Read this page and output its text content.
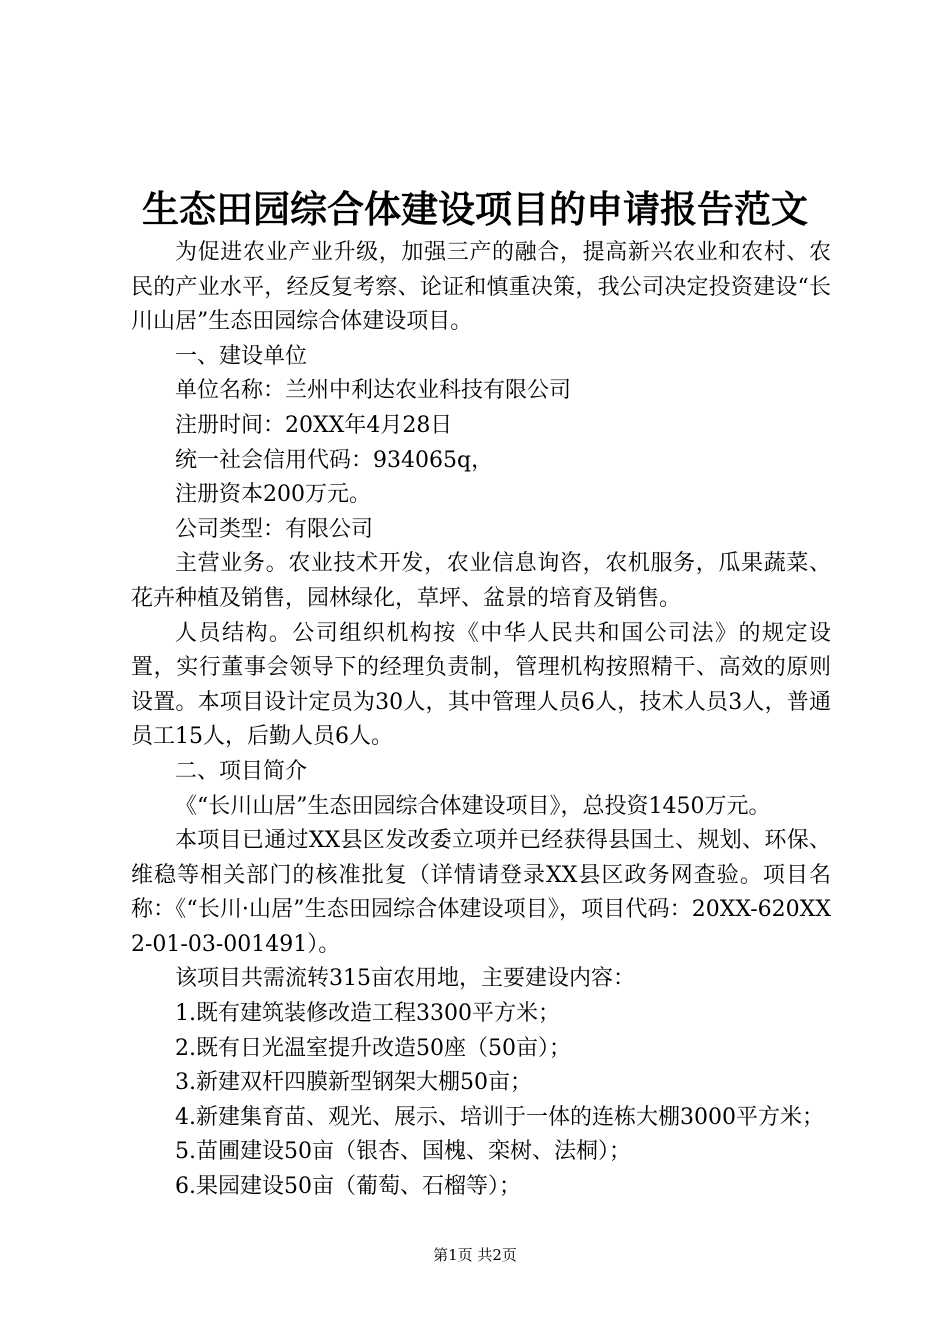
生态田园综合体建设项目的申请报告范文

为促进农业产业升级，加强三产的融合，提高新兴农业和农村、农民的产业水平，经反复考察、论证和慎重决策，我公司决定投资建设“长川山居”生态田园综合体建设项目。

一、建设单位

单位名称：兰州中利达农业科技有限公司

注册时间：20XX年4月28日

统一社会信用代码：934065q，

注册资本200万元。

公司类型：有限公司

主营业务。农业技术开发，农业信息询咨，农机服务，瓜果蔬菜、花卉种植及销售，园林绿化，草坪、盆景的培育及销售。

人员结构。公司组织机构按《中华人民共和国公司法》的规定设置，实行董事会领导下的经理负责制，管理机构按照精干、高效的原则设置。本项目设计定员为30人，其中管理人员6人，技术人员3人，普通员工15人，后勤人员6人。

二、项目简介

《“长川山居”生态田园综合体建设项目》，总投资1450万元。

本项目已通过XX县区发改委立项并已经获得县国土、规划、环保、维稳等相关部门的核准批复（详情请登录XX县区政务网查验。项目名称：《“长川·山居”生态田园综合体建设项目》，项目代码：20XX-620XX2-01-03-001491）。

该项目共需流转315亩农用地，主要建设内容：

1.既有建筑装修改造工程3300平方米；

2.既有日光温室提升改造50座（50亩）；

3.新建双杆四膜新型钢架大棚50亩；

4.新建集育苗、观光、展示、培训于一体的连栋大棚3000平方米；

5.苗圃建设50亩（银杏、国槐、栾树、法桐）；

6.果园建设50亩（葡萄、石榴等）；

第1页 共2页
